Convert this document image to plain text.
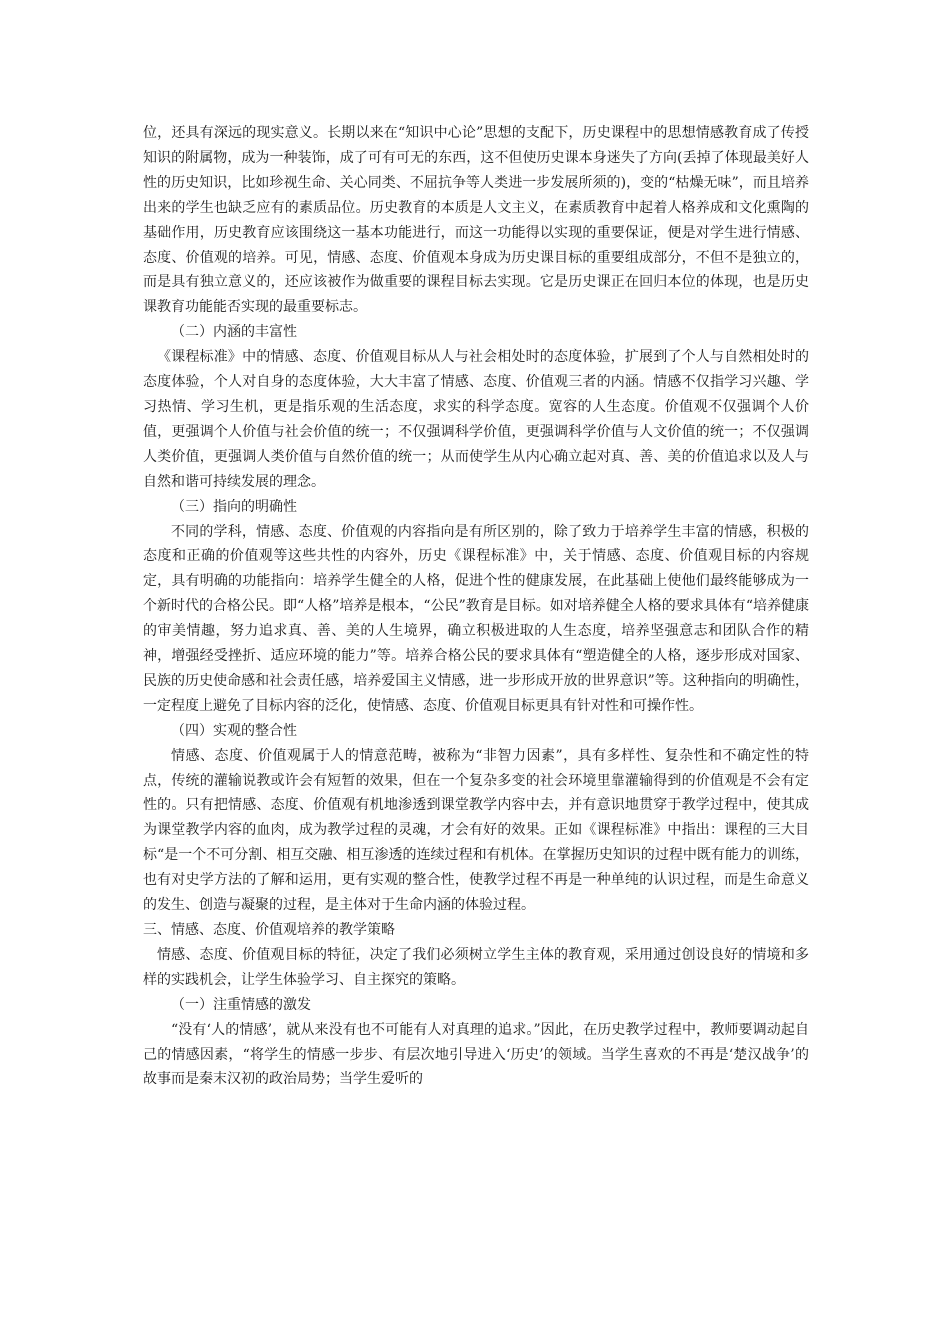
位，还具有深远的现实意义。长期以来在“知识中心论”思想的支配下，历史课程中的思想情感教育成了传授知识的附属物，成为一种装饰，成了可有可无的东西，这不但使历史课本身迷失了方向(丢掉了体现最美好人性的历史知识，比如珍视生命、关心同类、不屈抗争等人类进一步发展所须的)，变的“枯燥无味”，而且培养出来的学生也缺乏应有的素质品位。历史教育的本质是人文主义，在素质教育中起着人格养成和文化熏陶的基础作用，历史教育应该围绕这一基本功能进行，而这一功能得以实现的重要保证，便是对学生进行情感、态度、价值观的培养。可见，情感、态度、价值观本身成为历史课目标的重要组成部分，不但不是独立的，而是具有独立意义的，还应该被作为做重要的课程目标去实现。它是历史课正在回归本位的体现，也是历史课教育功能能否实现的最重要标志。

（二）内涵的丰富性

《课程标准》中的情感、态度、价值观目标从人与社会相处时的态度体验，扩展到了个人与自然相处时的态度体验，个人对自身的态度体验，大大丰富了情感、态度、价值观三者的内涵。情感不仅指学习兴趣、学习热情、学习生机，更是指乐观的生活态度，求实的科学态度。宽容的人生态度。价值观不仅强调个人价值，更强调个人价值与社会价值的统一；不仅强调科学价值，更强调科学价值与人文价值的统一；不仅强调人类价值，更强调人类价值与自然价值的统一；从而使学生从内心确立起对真、善、美的价值追求以及人与自然和谐可持续发展的理念。

（三）指向的明确性

不同的学科，情感、态度、价值观的内容指向是有所区别的，除了致力于培养学生丰富的情感，积极的态度和正确的价值观等这些共性的内容外，历史《课程标准》中，关于情感、态度、价值观目标的内容规定，具有明确的功能指向：培养学生健全的人格，促进个性的健康发展，在此基础上使他们最终能够成为一个新时代的合格公民。即“人格”培养是根本，“公民”教育是目标。如对培养健全人格的要求具体有“培养健康的审美情趣，努力追求真、善、美的人生境界，确立积极进取的人生态度，培养坚强意志和团队合作的精神，增强经受挫折、适应环境的能力”等。培养合格公民的要求具体有“塑造健全的人格，逐步形成对国家、民族的历史使命感和社会责任感，培养爱国主义情感，进一步形成开放的世界意识”等。这种指向的明确性，一定程度上避免了目标内容的泛化，使情感、态度、价值观目标更具有针对性和可操作性。

（四）实观的整合性

情感、态度、价值观属于人的情意范畴，被称为“非智力因素”，具有多样性、复杂性和不确定性的特点，传统的灌输说教或许会有短暂的效果，但在一个复杂多变的社会环境里靠灌输得到的价值观是不会有定性的。只有把情感、态度、价值观有机地渗透到课堂教学内容中去，并有意识地贯穿于教学过程中，使其成为课堂教学内容的血肉，成为教学过程的灵魂，才会有好的效果。正如《课程标准》中指出：课程的三大目标“是一个不可分割、相互交融、相互渗透的连续过程和有机体。在掌握历史知识的过程中既有能力的训练，也有对史学方法的了解和运用，更有实观的整合性，使教学过程不再是一种单纯的认识过程，而是生命意义的发生、创造与凝聚的过程，是主体对于生命内涵的体验过程。

三、情感、态度、价值观培养的教学策略

情感、态度、价值观目标的特征，决定了我们必须树立学生主体的教育观，采用通过创设良好的情境和多样的实践机会，让学生体验学习、自主探究的策略。

（一）注重情感的激发

“没有‘人的情感’，就从来没有也不可能有人对真理的追求。”因此，在历史教学过程中，教师要调动起自己的情感因素，“将学生的情感一步步、有层次地引导进入‘历史’的领域。当学生喜欢的不再是‘楚汉战争’的故事而是秦末汉初的政治局势；当学生爱听的
